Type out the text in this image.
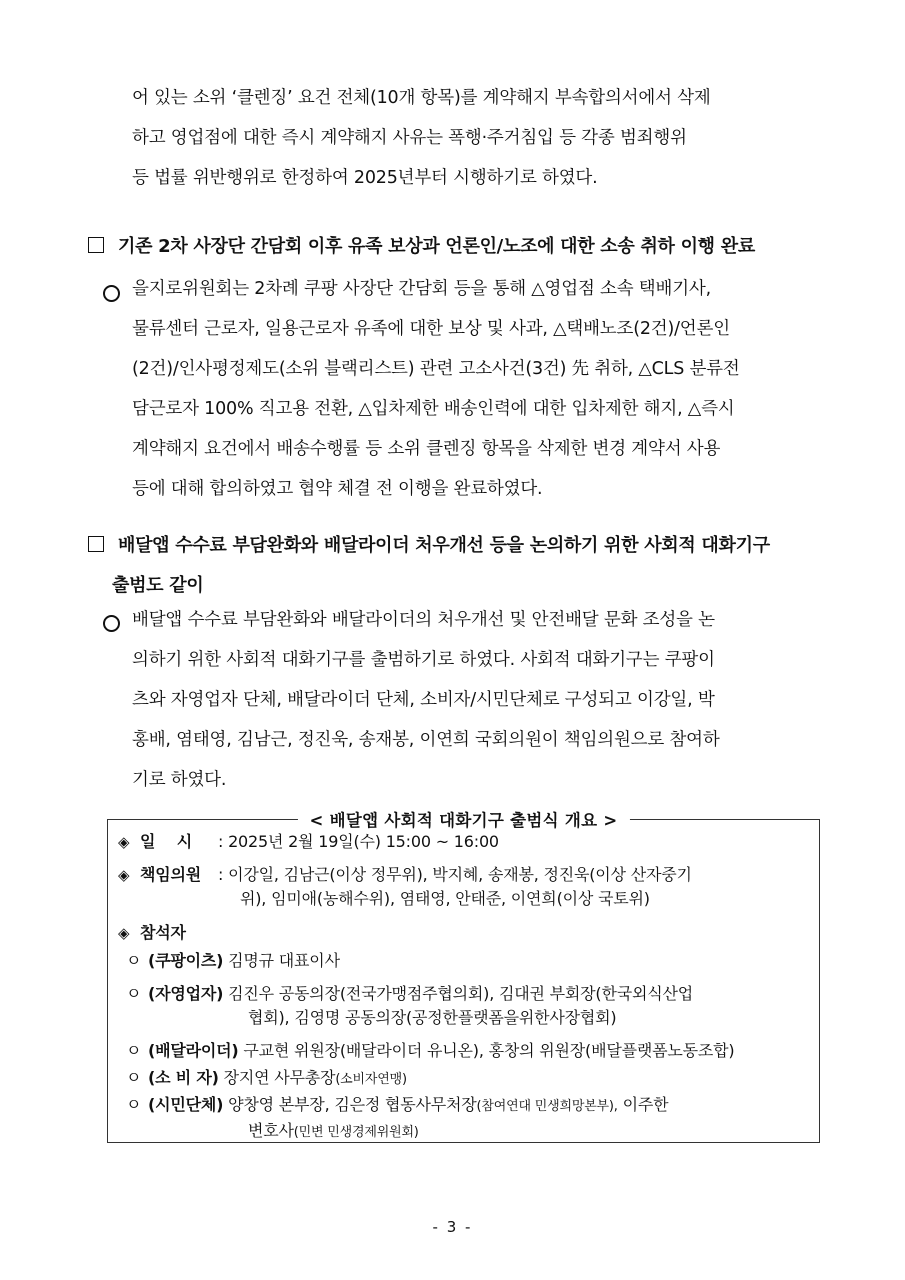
어 있는 소위 ‘클렌징’ 요건 전체(10개 항목)를 계약해지 부속합의서에서 삭제
하고 영업점에 대한 즉시 계약해지 사유는 폭행·주거침입 등 각종 범죄행위
등 법률 위반행위로 한정하여 2025년부터 시행하기로 하였다.
기존 2차 사장단 간담회 이후 유족 보상과 언론인/노조에 대한 소송 취하 이행 완료
을지로위원회는 2차례 쿠팡 사장단 간담회 등을 통해 △영업점 소속 택배기사,
물류센터 근로자, 일용근로자 유족에 대한 보상 및 사과, △택배노조(2건)/언론인
(2건)/인사평정제도(소위 블랙리스트) 관련 고소사건(3건) 先 취하, △CLS 분류전
담근로자 100% 직고용 전환, △입차제한 배송인력에 대한 입차제한 해지, △즉시
계약해지 요건에서 배송수행률 등 소위 클렌징 항목을 삭제한 변경 계약서 사용
등에 대해 합의하였고 협약 체결 전 이행을 완료하였다.
배달앱 수수료 부담완화와 배달라이더 처우개선 등을 논의하기 위한 사회적 대화기구
출범도 같이
배달앱 수수료 부담완화와 배달라이더의 처우개선 및 안전배달 문화 조성을 논
의하기 위한 사회적 대화기구를 출범하기로 하였다. 사회적 대화기구는 쿠팡이
츠와 자영업자 단체, 배달라이더 단체, 소비자/시민단체로 구성되고 이강일, 박
홍배, 염태영, 김남근, 정진욱, 송재봉, 이연희 국회의원이 책임의원으로 참여하
기로 하였다.
< 배달앱 사회적 대화기구 출범식 개요 >
◈ 일    시 : 2025년 2월 19일(수) 15:00 ~ 16:00
◈ 책임의원 : 이강일, 김남근(이상 정무위), 박지혜, 송재봉, 정진욱(이상 산자중기
위), 임미애(농해수위), 염태영, 안태준, 이연희(이상 국토위)
◈ 참석자
ㅇ (쿠팡이츠) 김명규 대표이사
ㅇ (자영업자) 김진우 공동의장(전국가맹점주협의회), 김대권 부회장(한국외식산업
협회), 김영명 공동의장(공정한플랫폼을위한사장협회)
ㅇ (배달라이더) 구교현 위원장(배달라이더 유니온), 홍창의 위원장(배달플랫폼노동조합)
ㅇ (소 비 자) 장지연 사무총장(소비자연맹)
ㅇ (시민단체) 양창영 본부장, 김은정 협동사무처장(참여연대 민생희망본부), 이주한
변호사(민변 민생경제위원회)
- 3 -
